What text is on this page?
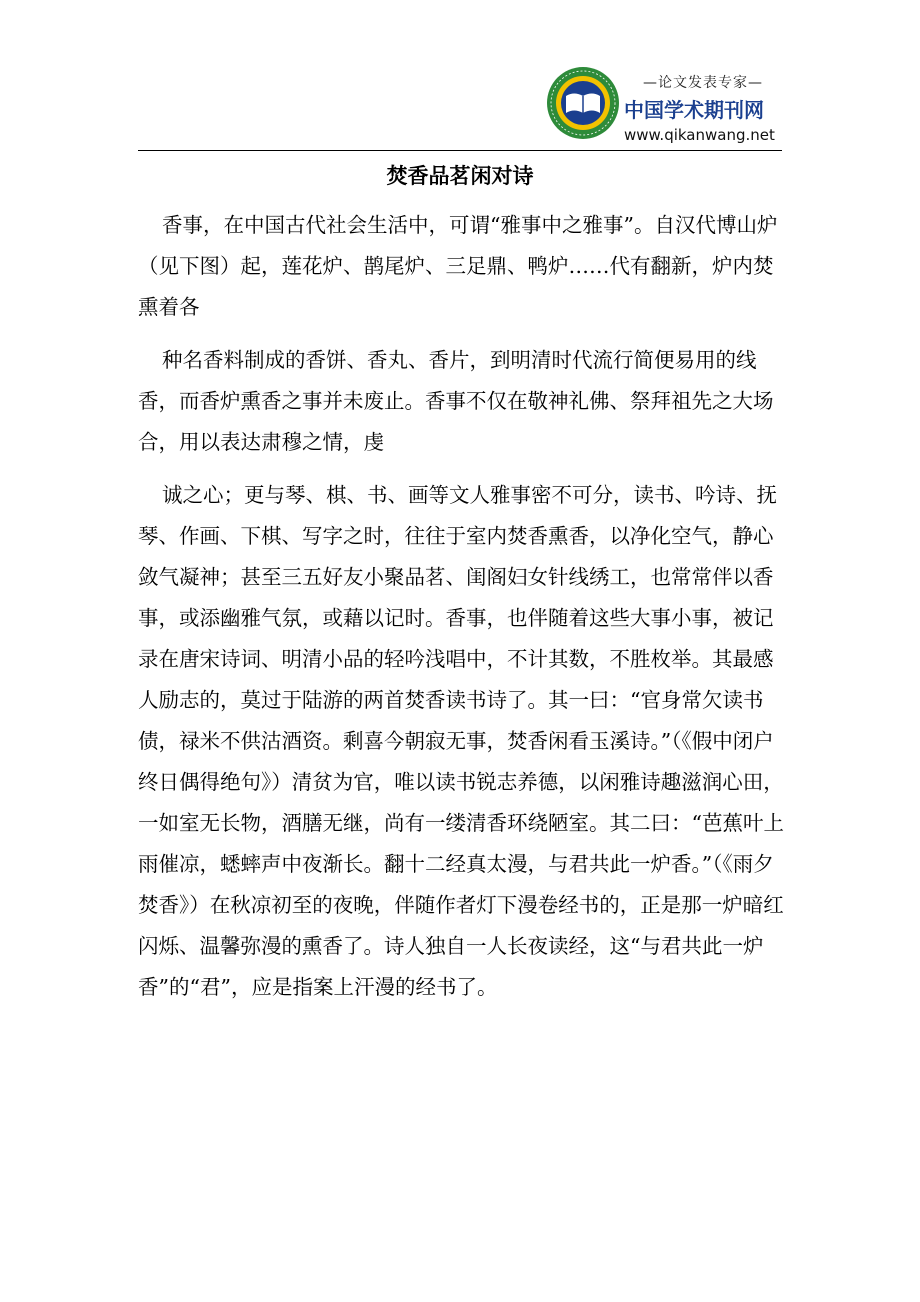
—论文发表专家—
中国学术期刊网
www.qikanwang.net
焚香品茗闲对诗

香事，在中国古代社会生活中，可谓“雅事中之雅事”。自汉代博山炉（见下图）起，莲花炉、鹊尾炉、三足鼎、鸭炉……代有翻新，炉内焚熏着各

种名香料制成的香饼、香丸、香片，到明清时代流行简便易用的线香，而香炉熏香之事并未废止。香事不仅在敬神礼佛、祭拜祖先之大场合，用以表达肃穆之情，虔

诚之心；更与琴、棋、书、画等文人雅事密不可分，读书、吟诗、抚琴、作画、下棋、写字之时，往往于室内焚香熏香，以净化空气，静心敛气凝神；甚至三五好友小聚品茗、闺阁妇女针线绣工，也常常伴以香事，或添幽雅气氛，或藉以记时。香事，也伴随着这些大事小事，被记录在唐宋诗词、明清小品的轻吟浅唱中，不计其数，不胜枚举。其最感人励志的，莫过于陆游的两首焚香读书诗了。其一曰：“官身常欠读书债，禄米不供沽酒资。剩喜今朝寂无事，焚香闲看玉溪诗。”（《假中闭户终日偶得绝句》）清贫为官，唯以读书锐志养德，以闲雅诗趣滋润心田，一如室无长物，酒膳无继，尚有一缕清香环绕陋室。其二曰：“芭蕉叶上雨催凉，蟋蟀声中夜渐长。翻十二经真太漫，与君共此一炉香。”（《雨夕焚香》）在秋凉初至的夜晚，伴随作者灯下漫卷经书的，正是那一炉暗红闪烁、温馨弥漫的熏香了。诗人独自一人长夜读经，这“与君共此一炉香”的“君”，应是指案上汗漫的经书了。
